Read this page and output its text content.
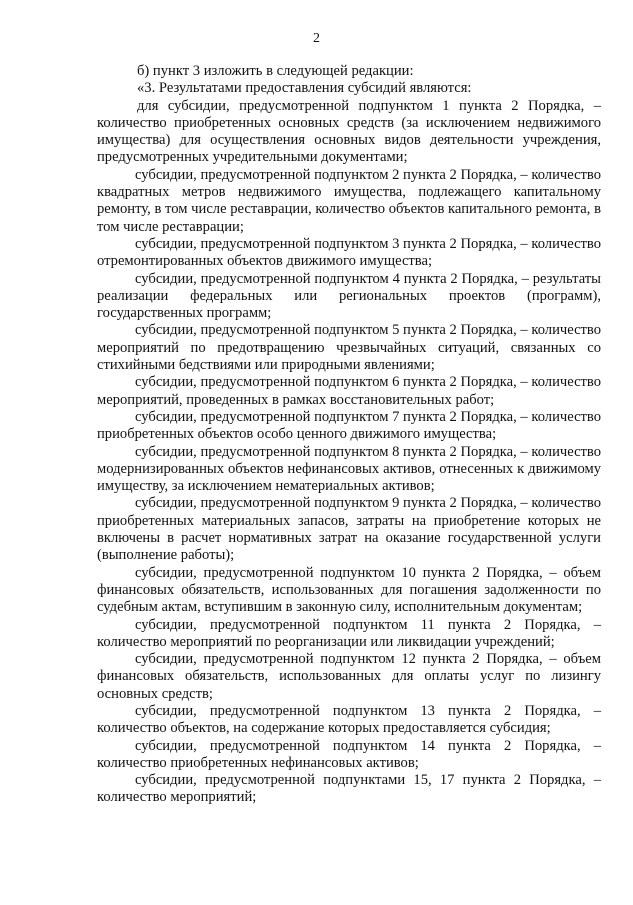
2

б) пункт 3 изложить в следующей редакции:

«3. Результатами предоставления субсидий являются:

для субсидии, предусмотренной подпунктом 1 пункта 2 Порядка, – количество приобретенных основных средств (за исключением недвижимого имущества) для осуществления основных видов деятельности учреждения, предусмотренных учредительными документами;

субсидии, предусмотренной подпунктом 2 пункта 2 Порядка, – количество квадратных метров недвижимого имущества, подлежащего капитальному ремонту, в том числе реставрации, количество объектов капитального ремонта, в том числе реставрации;

субсидии, предусмотренной подпунктом 3 пункта 2 Порядка, – количество отремонтированных объектов движимого имущества;

субсидии, предусмотренной подпунктом 4 пункта 2 Порядка, – результаты реализации федеральных или региональных проектов (программ), государственных программ;

субсидии, предусмотренной подпунктом 5 пункта 2 Порядка, – количество мероприятий по предотвращению чрезвычайных ситуаций, связанных со стихийными бедствиями или природными явлениями;

субсидии, предусмотренной подпунктом 6 пункта 2 Порядка, – количество мероприятий, проведенных в рамках восстановительных работ;

субсидии, предусмотренной подпунктом 7 пункта 2 Порядка, – количество приобретенных объектов особо ценного движимого имущества;

субсидии, предусмотренной подпунктом 8 пункта 2 Порядка, – количество модернизированных объектов нефинансовых активов, отнесенных к движимому имуществу, за исключением нематериальных активов;

субсидии, предусмотренной подпунктом 9 пункта 2 Порядка, – количество приобретенных материальных запасов, затраты на приобретение которых не включены в расчет нормативных затрат на оказание государственной услуги (выполнение работы);

субсидии, предусмотренной подпунктом 10 пункта 2 Порядка, – объем финансовых обязательств, использованных для погашения задолженности по судебным актам, вступившим в законную силу, исполнительным документам;

субсидии, предусмотренной подпунктом 11 пункта 2 Порядка, – количество мероприятий по реорганизации или ликвидации учреждений;

субсидии, предусмотренной подпунктом 12 пункта 2 Порядка, – объем финансовых обязательств, использованных для оплаты услуг по лизингу основных средств;

субсидии, предусмотренной подпунктом 13 пункта 2 Порядка, – количество объектов, на содержание которых предоставляется субсидия;

субсидии, предусмотренной подпунктом 14 пункта 2 Порядка, – количество приобретенных нефинансовых активов;

субсидии, предусмотренной подпунктами 15, 17 пункта 2 Порядка, – количество мероприятий;
